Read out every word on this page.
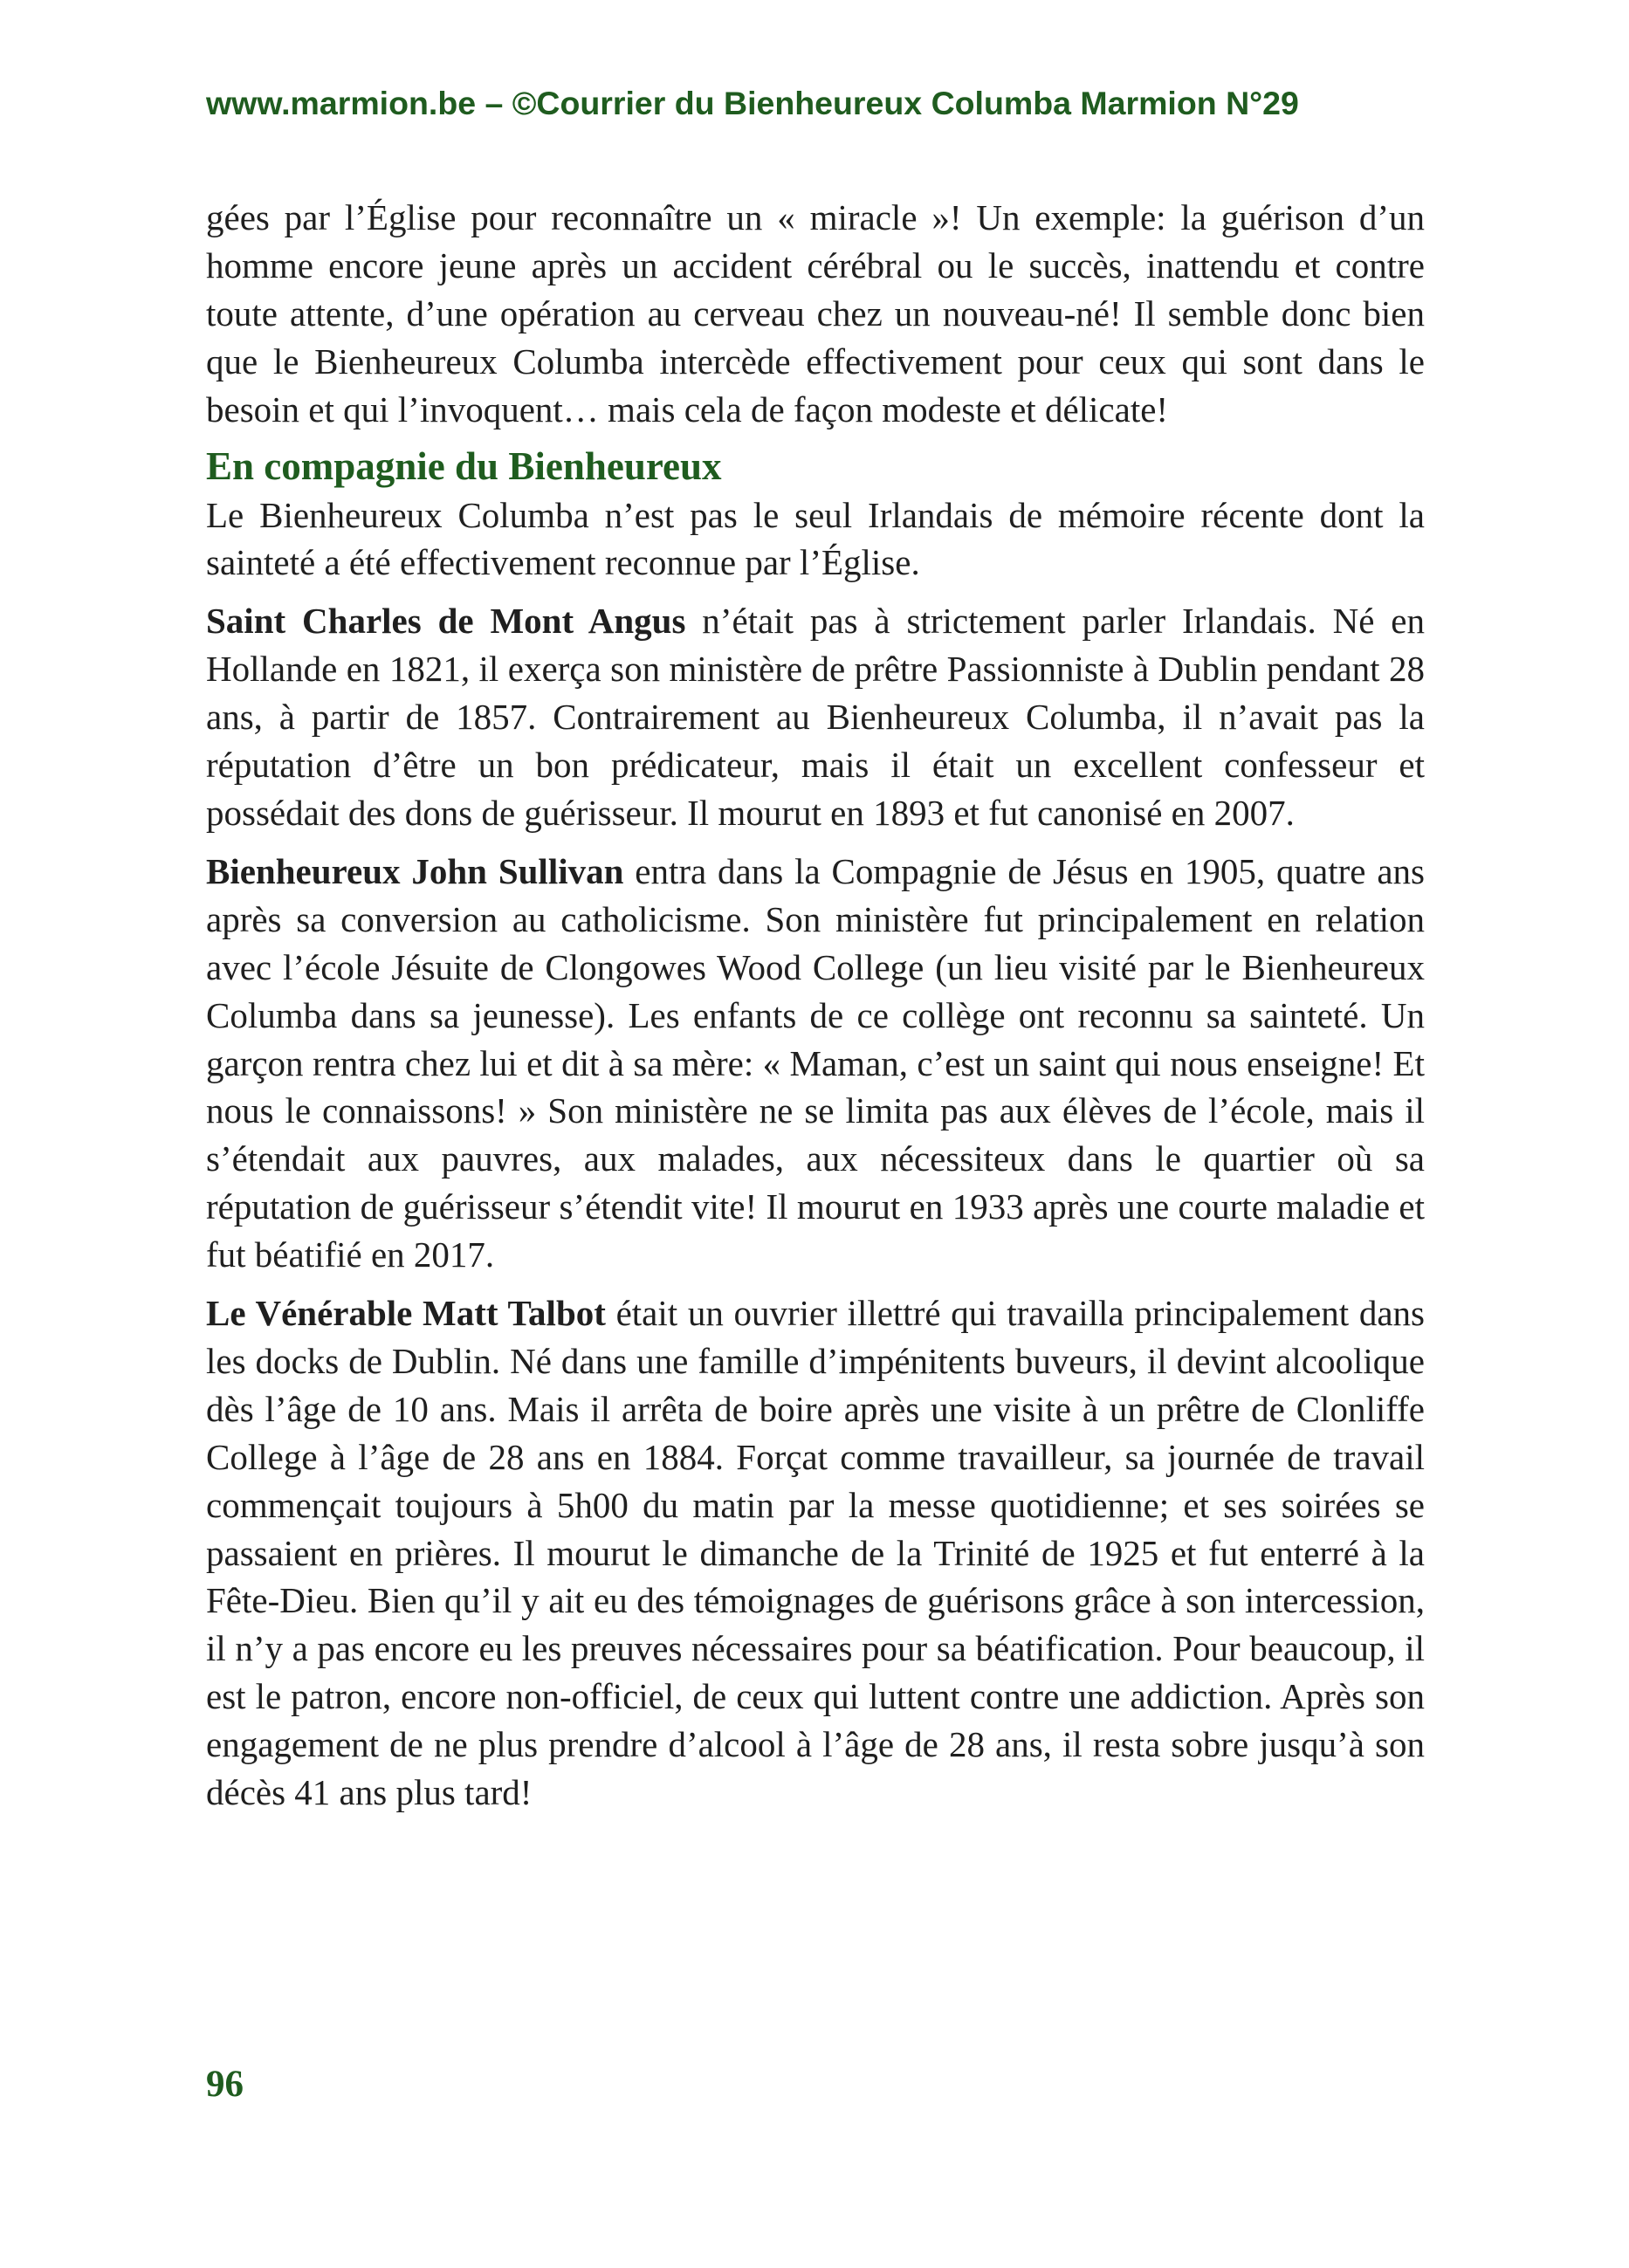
www.marmion.be – ©Courrier du Bienheureux Columba Marmion N°29

gées par l’Église pour reconnaître un « miracle »! Un exemple: la guérison d’un homme encore jeune après un accident cérébral ou le succès, inattendu et contre toute attente, d’une opération au cerveau chez un nouveau-né! Il semble donc bien que le Bienheureux Columba intercède effectivement pour ceux qui sont dans le besoin et qui l’invoquent… mais cela de façon modeste et délicate!

En compagnie du Bienheureux

Le Bienheureux Columba n’est pas le seul Irlandais de mémoire récente dont la sainteté a été effectivement reconnue par l’Église.

Saint Charles de Mont Angus n’était pas à strictement parler Irlandais. Né en Hollande en 1821, il exerça son ministère de prêtre Passionniste à Dublin pendant 28 ans, à partir de 1857. Contrairement au Bienheureux Columba, il n’avait pas la réputation d’être un bon prédicateur, mais il était un excellent confesseur et possédait des dons de guérisseur. Il mourut en 1893 et fut canonisé en 2007.

Bienheureux John Sullivan entra dans la Compagnie de Jésus en 1905, quatre ans après sa conversion au catholicisme. Son ministère fut principalement en relation avec l’école Jésuite de Clongowes Wood College (un lieu visité par le Bienheureux Columba dans sa jeunesse). Les enfants de ce collège ont reconnu sa sainteté. Un garçon rentra chez lui et dit à sa mère: « Maman, c’est un saint qui nous enseigne! Et nous le connaissons! » Son ministère ne se limita pas aux élèves de l’école, mais il s’étendait aux pauvres, aux malades, aux nécessiteux dans le quartier où sa réputation de guérisseur s’étendit vite! Il mourut en 1933 après une courte maladie et fut béatifié en 2017.

Le Vénérable Matt Talbot était un ouvrier illettré qui travailla principalement dans les docks de Dublin. Né dans une famille d’impénitents buveurs, il devint alcoolique dès l’âge de 10 ans. Mais il arrêta de boire après une visite à un prêtre de Clonliffe College à l’âge de 28 ans en 1884. Forçat comme travailleur, sa journée de travail commençait toujours à 5h00 du matin par la messe quotidienne; et ses soirées se passaient en prières. Il mourut le dimanche de la Trinité de 1925 et fut enterré à la Fête-Dieu. Bien qu’il y ait eu des témoignages de guérisons grâce à son intercession, il n’y a pas encore eu les preuves nécessaires pour sa béatification. Pour beaucoup, il est le patron, encore non-officiel, de ceux qui luttent contre une addiction. Après son engagement de ne plus prendre d’alcool à l’âge de 28 ans, il resta sobre jusqu’à son décès 41 ans plus tard!

96
